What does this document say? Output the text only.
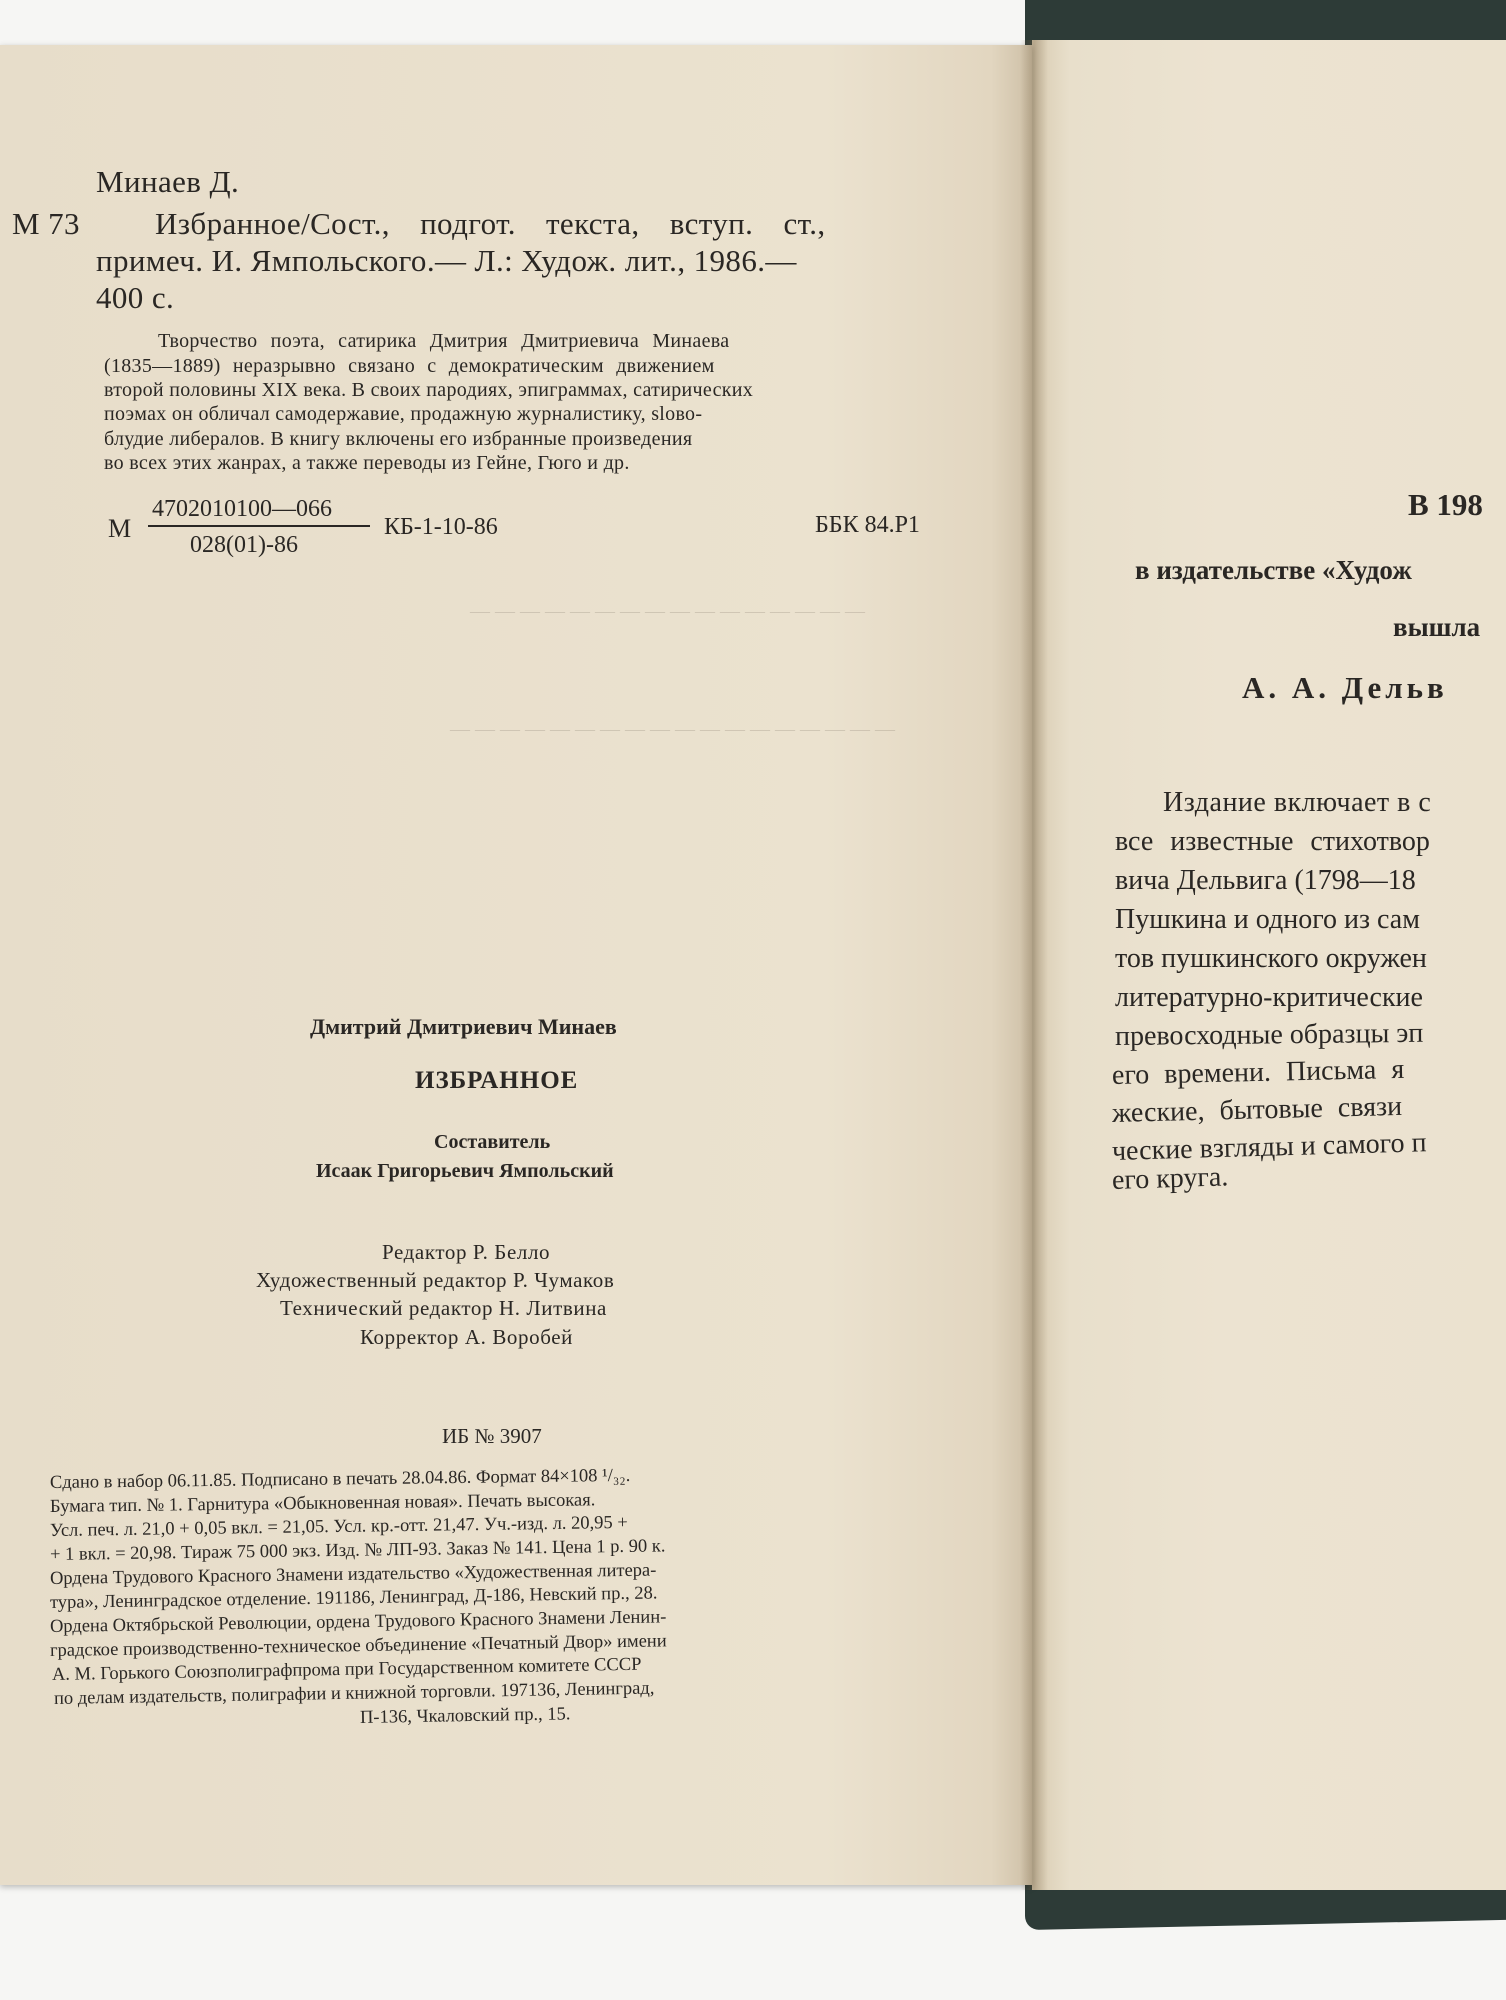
— — — — — — — — — — — — — — — —
— — — — — — — — — — — — — — — — — —
Минаев Д.
М 73 Избранное/Сост., подгот. текста, вступ. ст.,
примеч. И. Ямпольского.— Л.: Худож. лит., 1986.—
400 с.
Творчество поэта, сатирика Дмитрия Дмитриевича Минаева
(1835—1889) неразрывно связано с демократическим движением
второй половины XIX века. В своих пародиях, эпиграммах, сатирических
поэмах он обличал самодержавие, продажную журналистику, slово-
блудие либералов. В книгу включены его избранные произведения
во всех этих жанрах, а также переводы из Гейне, Гюго и др.
М
4702010100—066
028(01)-86
КБ-1-10-86	ББК 84.Р1
Дмитрий Дмитриевич Минаев
ИЗБРАННОЕ
Составитель
Исаак Григорьевич Ямпольский
Редактор Р. Белло
Художественный редактор Р. Чумаков
Технический редактор Н. Литвина
Корректор А. Воробей
ИБ № 3907
Сдано в набор 06.11.85. Подписано в печать 28.04.86. Формат 84×108 ¹/₃₂.
Бумага тип. № 1. Гарнитура «Обыкновенная новая». Печать высокая.
Усл. печ. л. 21,0 + 0,05 вкл. = 21,05. Усл. кр.-отт. 21,47. Уч.-изд. л. 20,95 +
+ 1 вкл. = 20,98. Тираж 75 000 экз. Изд. № ЛП-93. Заказ № 141. Цена 1 р. 90 к.
Ордена Трудового Красного Знамени издательство «Художественная литера-
тура», Ленинградское отделение. 191186, Ленинград, Д-186, Невский пр., 28.
Ордена Октябрьской Революции, ордена Трудового Красного Знамени Ленин-
градское производственно-техническое объединение «Печатный Двор» имени
А. М. Горького Союзполиграфпрома при Государственном комитете СССР
по делам издательств, полиграфии и книжной торговли. 197136, Ленинград,
П-136, Чкаловский пр., 15.
В 198
в издательстве «Худож
вышла
А. А. Дельв
Издание включает в с
все известные стихотвор
вича Дельвига (1798—18
Пушкина и одного из сам
тов пушкинского окружен
литературно-критические
превосходные образцы эп
его времени. Письма я
жеские, бытовые связи
ческие взгляды и самого п
его круга.
